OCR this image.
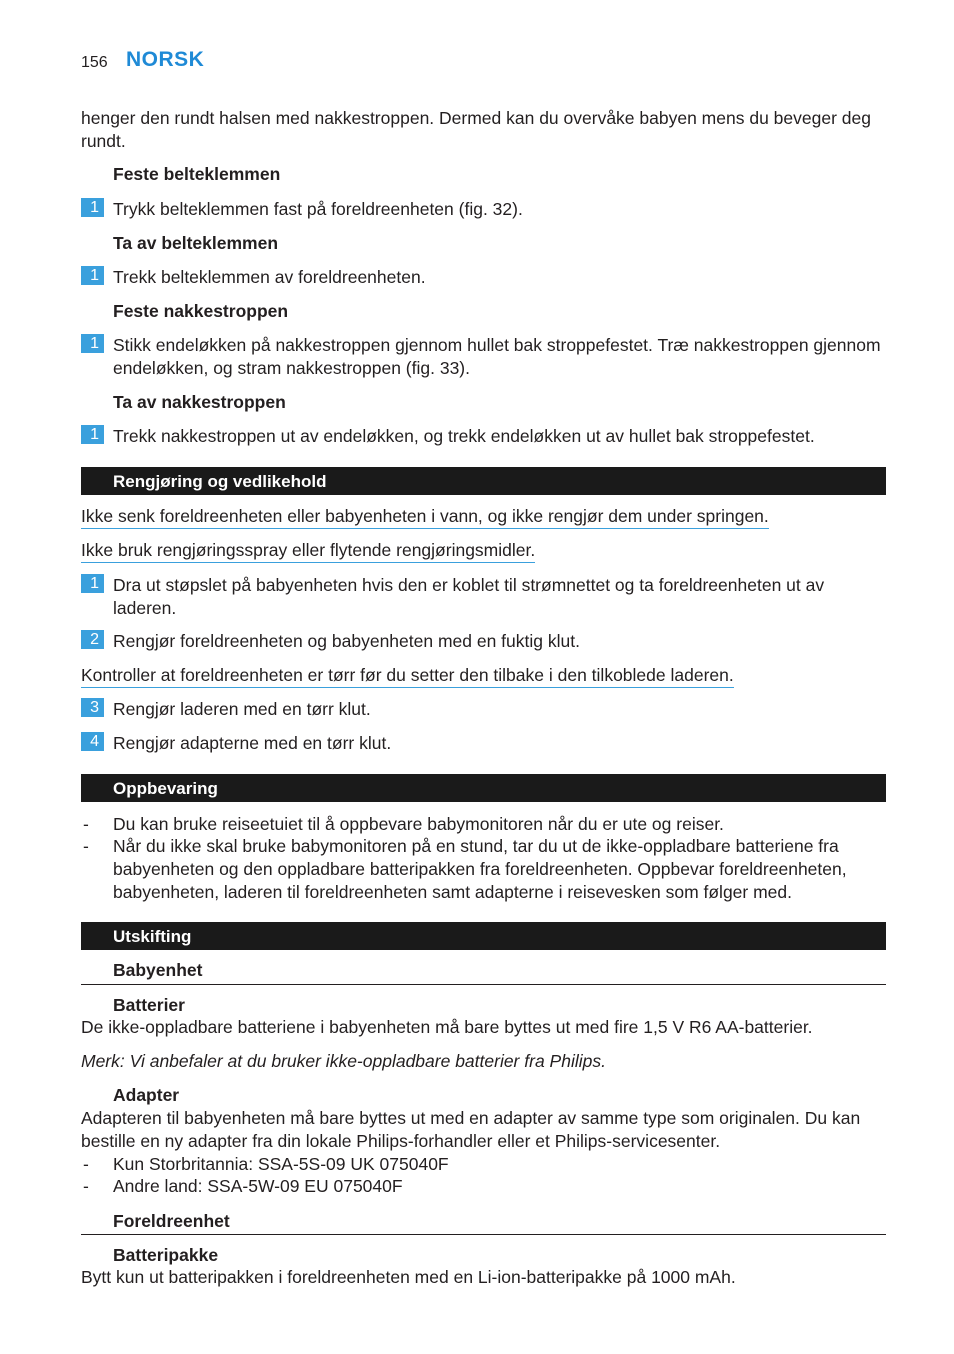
156 NORSK

henger den rundt halsen med nakkestroppen. Dermed kan du overvåke babyen mens du beveger deg rundt.

Feste belteklemmen
1 Trykk belteklemmen fast på foreldreenheten (fig. 32).
Ta av belteklemmen
1 Trekk belteklemmen av foreldreenheten.
Feste nakkestroppen
1 Stikk endeløkken på nakkestroppen gjennom hullet bak stroppefestet. Træ nakkestroppen gjennom endeløkken, og stram nakkestroppen (fig. 33).
Ta av nakkestroppen
1 Trekk nakkestroppen ut av endeløkken, og trekk endeløkken ut av hullet bak stroppefestet.
Rengjøring og vedlikehold
Ikke senk foreldreenheten eller babyenheten i vann, og ikke rengjør dem under springen.
Ikke bruk rengjøringsspray eller flytende rengjøringsmidler.
1 Dra ut støpslet på babyenheten hvis den er koblet til strømnettet og ta foreldreenheten ut av laderen.
2 Rengjør foreldreenheten og babyenheten med en fuktig klut.
Kontroller at foreldreenheten er tørr før du setter den tilbake i den tilkoblede laderen.
3 Rengjør laderen med en tørr klut.
4 Rengjør adapterne med en tørr klut.
Oppbevaring
- Du kan bruke reiseetuiet til å oppbevare babymonitoren når du er ute og reiser.
- Når du ikke skal bruke babymonitoren på en stund, tar du ut de ikke-oppladbare batteriene fra babyenheten og den oppladbare batteripakken fra foreldreenheten. Oppbevar foreldreenheten, babyenheten, laderen til foreldreenheten samt adapterne i reisevesken som følger med.
Utskifting
Babyenhet
Batterier

De ikke-oppladbare batteriene i babyenheten må bare byttes ut med fire 1,5 V R6 AA-batterier.

Merk: Vi anbefaler at du bruker ikke-oppladbare batterier fra Philips.
Adapter

Adapteren til babyenheten må bare byttes ut med en adapter av samme type som originalen. Du kan bestille en ny adapter fra din lokale Philips-forhandler eller et Philips-servicesenter.

- Kun Storbritannia: SSA-5S-09 UK 075040F
- Andre land: SSA-5W-09 EU 075040F
Foreldreenhet
Batteripakke

Bytt kun ut batteripakken i foreldreenheten med en Li-ion-batteripakke på 1000 mAh.
